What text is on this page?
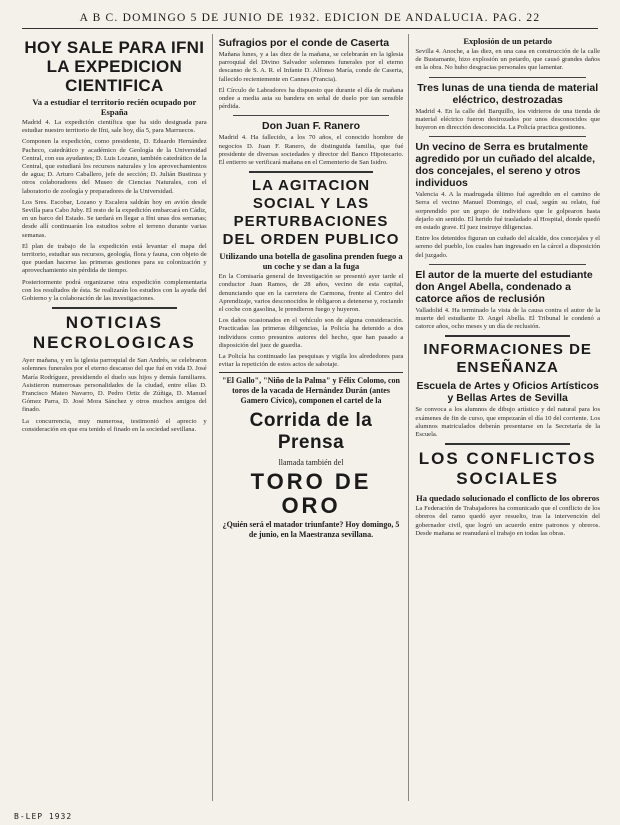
A B C. DOMINGO 5 DE JUNIO DE 1932. EDICION DE ANDALUCIA. PAG. 22
HOY SALE PARA IFNI LA EXPEDICION CIENTIFICA
Va a estudiar el territorio recién ocupado por España

Madrid 4. La expedición científica que ha sido designada para estudiar nuestro territorio de Ifni, sale hoy, día 5, para Marruecos.

Componen la expedición, como presidente, D. Eduardo Hernández Pacheco, catedrático y académico de Geología de la Universidad Central, con sus ayudantes; D. Luis Lozano, también catedrático de la Central, que estudiará los recursos naturales y los aprovechamientos de agua; D. Arturo Caballero, jefe de sección; D. Julián Bustinza y otros colaboradores del Museo de Ciencias Naturales, con el laboratorio de zoología y preparadores de la Universidad.

Los Sres. Escobar, Lozano y Escalera saldrán hoy en avión desde Sevilla para Cabo Juby. El resto de la expedición embarcará en Cádiz, en un barco del Estado. Se tardará en llegar a Ifni unas dos semanas; desde allí continuarán los estudios sobre el terreno durante varias semanas.

El plan de trabajo de la expedición está levantar el mapa del territorio, estudiar sus recursos, geología, flora y fauna, con objeto de que puedan hacerse las primeras gestiones para su colonización y aprovechamiento sin pérdida de tiempo.

Posteriormente podrá organizarse otra expedición complementaria con los resultados de ésta. Se realizarán los estudios con la ayuda del Gobierno y la colaboración de las investigaciones.

NOTICIAS NECROLOGICAS

Ayer mañana, y en la iglesia parroquial de San Andrés, se celebraron solemnes funerales por el eterno descanso del que fué en vida D. José María Rodríguez, presidiendo el duelo sus hijos y demás familiares. Asistieron numerosas personalidades de la ciudad, entre ellas D. Francisco Mateo Navarro, D. Pedro Ortiz de Zúñiga, D. Manuel Gómez Parra, D. José Mora Sánchez y otros muchos amigos del finado.

La concurrencia, muy numerosa, testimonió el aprecio y consideración en que era tenido el finado en la sociedad sevillana.

Sufragios por el conde de Caserta

Mañana lunes, y a las diez de la mañana, se celebrarán en la iglesia parroquial del Divino Salvador solemnes funerales por el eterno descanso de S. A. R. el Infante D. Alfonso María, conde de Caserta, fallecido recientemente en Cannes (Francia).

El Círculo de Labradores ha dispuesto que durante el día de mañana ondee a media asta su bandera en señal de duelo por tan sensible pérdida.

Don Juan F. Ranero

Madrid 4. Ha fallecido, a los 70 años, el conocido hombre de negocios D. Juan F. Ranero, de distinguida familia, que fué presidente de diversas sociedades y director del Banco Hipotecario. El entierro se verificará mañana en el Cementerio de San Isidro.

LA AGITACION SOCIAL Y LAS PERTURBACIONES DEL ORDEN PUBLICO
Utilizando una botella de gasolina prenden fuego a un coche y se dan a la fuga

En la Comisaría general de Investigación se presentó ayer tarde el conductor Juan Ramos, de 28 años, vecino de esta capital, denunciando que en la carretera de Carmona, frente al Centro del Aprendizaje, varios desconocidos le obligaron a detenerse y, rociando el coche con gasolina, le prendieron fuego y huyeron.

Los daños ocasionados en el vehículo son de alguna consideración. Practicadas las primeras diligencias, la Policía ha detenido a dos individuos como presuntos autores del hecho, que han pasado a disposición del juez de guardia.

La Policía ha continuado las pesquisas y vigila los alrededores para evitar la repetición de estos actos de sabotaje.

"El Gallo", "Niño de la Palma" y Félix Colomo, con toros de la vacada de Hernández Durán (antes Gamero Cívico), componen el cartel de la
Corrida de la Prensa
llamada también del
TORO DE ORO
¿Quién será el matador triunfante? Hoy domingo, 5 de junio, en la Maestranza sevillana.
Explosión de un petardo

Sevilla 4. Anoche, a las diez, en una casa en construcción de la calle de Bustamante, hizo explosión un petardo, que causó grandes daños en la obra. No hubo desgracias personales que lamentar.

Tres lunas de una tienda de material eléctrico, destrozadas

Madrid 4. En la calle del Barquillo, los vidrieros de una tienda de material eléctrico fueron destrozados por unos desconocidos que huyeron en dirección desconocida. La Policía practica gestiones.

Un vecino de Serra es brutalmente agredido por un cuñado del alcalde, dos concejales, el sereno y otros individuos

Valencia 4. A la madrugada último fué agredido en el camino de Serra el vecino Manuel Domingo, el cual, según su relato, fué sorprendido por un grupo de individuos que le golpearon hasta dejarlo sin sentido. El herido fué trasladado al Hospital, donde quedó en estado grave. El juez instruye diligencias.

Entre los detenidos figuran un cuñado del alcalde, dos concejales y el sereno del pueblo, los cuales han ingresado en la cárcel a disposición del juzgado.

El autor de la muerte del estudiante don Angel Abella, condenado a catorce años de reclusión

Valladolid 4. Ha terminado la vista de la causa contra el autor de la muerte del estudiante D. Angel Abella. El Tribunal le condenó a catorce años, ocho meses y un día de reclusión.

INFORMACIONES DE ENSEÑANZA
Escuela de Artes y Oficios Artísticos y Bellas Artes de Sevilla

Se convoca a los alumnos de dibujo artístico y del natural para los exámenes de fin de curso, que empezarán el día 10 del corriente. Los alumnos matriculados deberán presentarse en la Secretaría de la Escuela.

LOS CONFLICTOS SOCIALES
Ha quedado solucionado el conflicto de los obreros

La Federación de Trabajadores ha comunicado que el conflicto de los obreros del ramo quedó ayer resuelto, tras la intervención del gobernador civil, que logró un acuerdo entre patronos y obreros. Desde mañana se reanudará el trabajo en todas las obras.

B-LEP 1932
